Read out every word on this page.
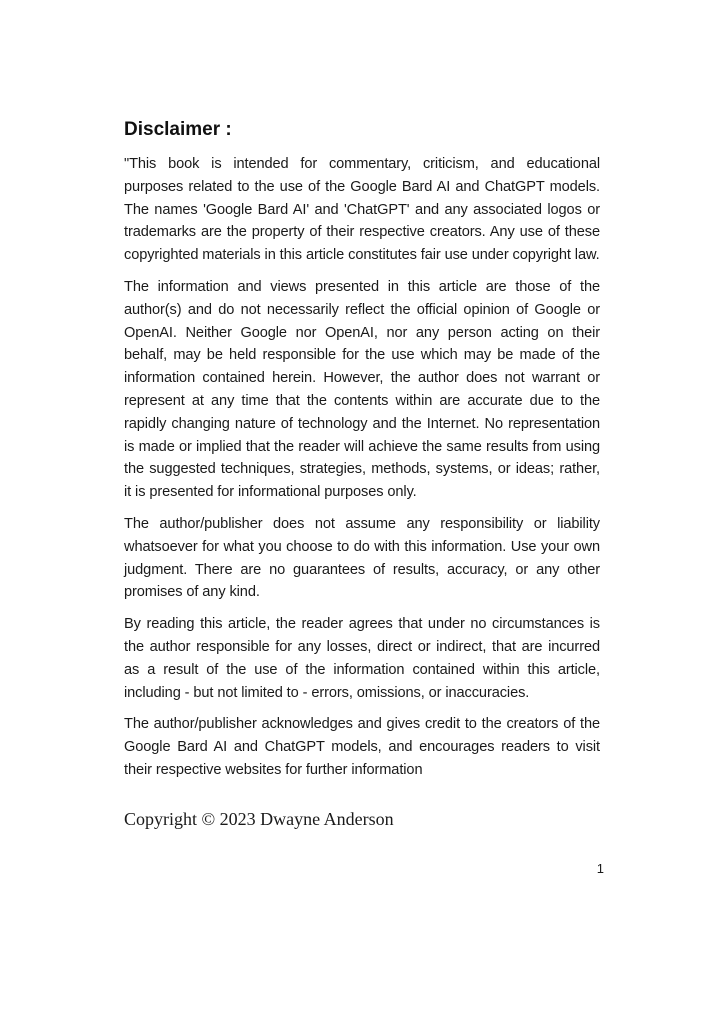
Disclaimer :

"This book is intended for commentary, criticism, and educational purposes related to the use of the Google Bard AI and ChatGPT models. The names 'Google Bard AI' and 'ChatGPT' and any associated logos or trademarks are the property of their respective creators. Any use of these copyrighted materials in this article constitutes fair use under copyright law.

The information and views presented in this article are those of the author(s) and do not necessarily reflect the official opinion of Google or OpenAI. Neither Google nor OpenAI, nor any person acting on their behalf, may be held responsible for the use which may be made of the information contained herein. However, the author does not warrant or represent at any time that the contents within are accurate due to the rapidly changing nature of technology and the Internet. No representation is made or implied that the reader will achieve the same results from using the suggested techniques, strategies, methods, systems, or ideas; rather, it is presented for informational purposes only.

The author/publisher does not assume any responsibility or liability whatsoever for what you choose to do with this information. Use your own judgment. There are no guarantees of results, accuracy, or any other promises of any kind.

By reading this article, the reader agrees that under no circumstances is the author responsible for any losses, direct or indirect, that are incurred as a result of the use of the information contained within this article, including - but not limited to - errors, omissions, or inaccuracies.

The author/publisher acknowledges and gives credit to the creators of the Google Bard AI and ChatGPT models, and encourages readers to visit their respective websites for further information

Copyright © 2023 Dwayne Anderson

1
